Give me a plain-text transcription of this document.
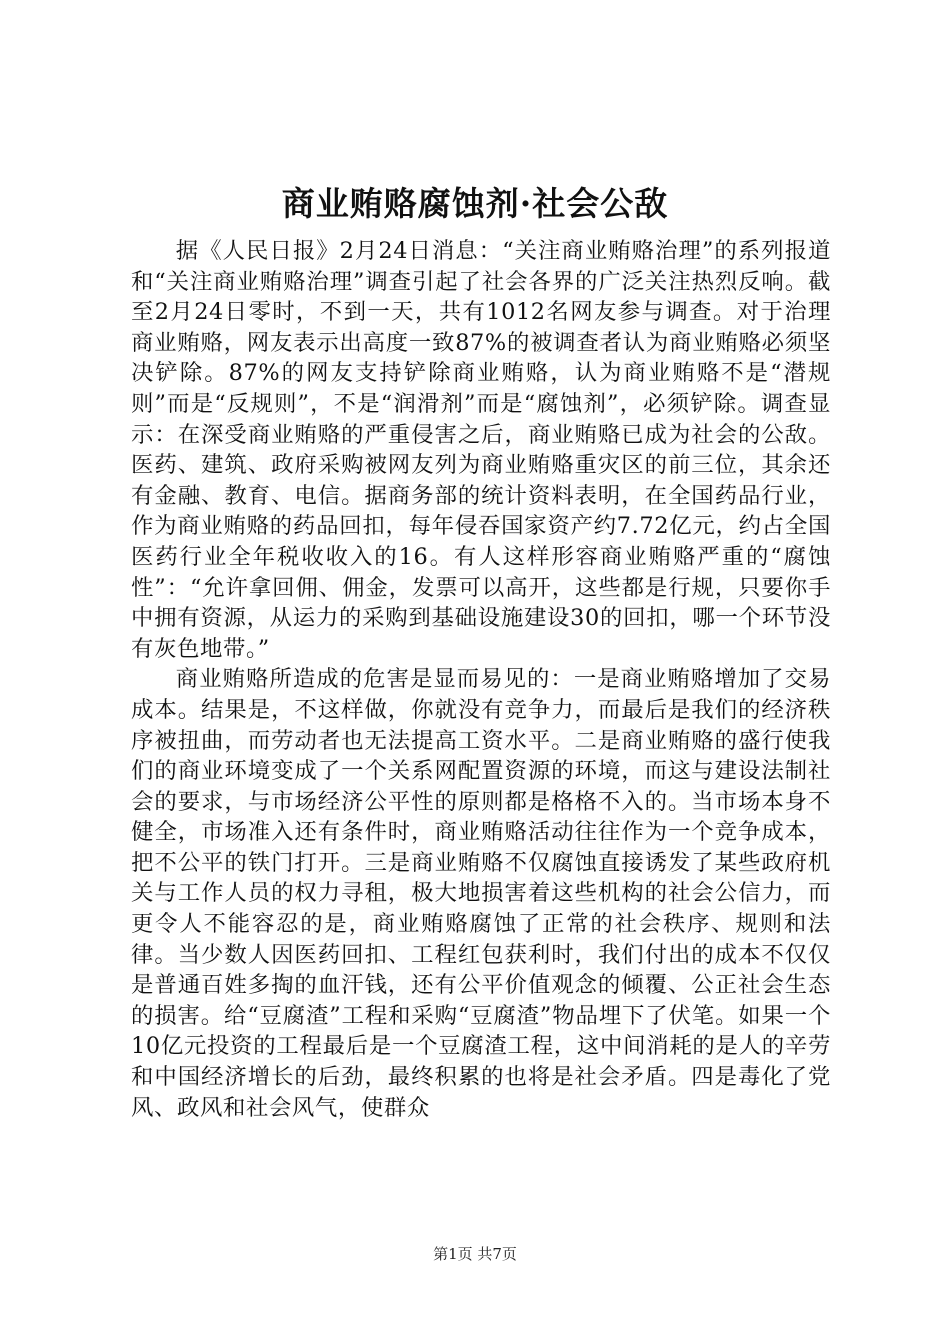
商业贿赂腐蚀剂·社会公敌

据《人民日报》2月24日消息：“关注商业贿赂治理”的系列报道和“关注商业贿赂治理”调查引起了社会各界的广泛关注热烈反响。截至2月24日零时，不到一天，共有1012名网友参与调查。对于治理商业贿赂，网友表示出高度一致87%的被调查者认为商业贿赂必须坚决铲除。87%的网友支持铲除商业贿赂，认为商业贿赂不是“潜规则”而是“反规则”，不是“润滑剂”而是“腐蚀剂”，必须铲除。调查显示：在深受商业贿赂的严重侵害之后，商业贿赂已成为社会的公敌。医药、建筑、政府采购被网友列为商业贿赂重灾区的前三位，其余还有金融、教育、电信。据商务部的统计资料表明，在全国药品行业，作为商业贿赂的药品回扣，每年侵吞国家资产约7.72亿元，约占全国医药行业全年税收收入的16。有人这样形容商业贿赂严重的“腐蚀性”：“允许拿回佣、佣金，发票可以高开，这些都是行规，只要你手中拥有资源，从运力的采购到基础设施建设30的回扣，哪一个环节没有灰色地带。”

商业贿赂所造成的危害是显而易见的：一是商业贿赂增加了交易成本。结果是，不这样做，你就没有竞争力，而最后是我们的经济秩序被扭曲，而劳动者也无法提高工资水平。二是商业贿赂的盛行使我们的商业环境变成了一个关系网配置资源的环境，而这与建设法制社会的要求，与市场经济公平性的原则都是格格不入的。当市场本身不健全，市场准入还有条件时，商业贿赂活动往往作为一个竞争成本，把不公平的铁门打开。三是商业贿赂不仅腐蚀直接诱发了某些政府机关与工作人员的权力寻租，极大地损害着这些机构的社会公信力，而更令人不能容忍的是，商业贿赂腐蚀了正常的社会秩序、规则和法律。当少数人因医药回扣、工程红包获利时，我们付出的成本不仅仅是普通百姓多掏的血汗钱，还有公平价值观念的倾覆、公正社会生态的损害。给“豆腐渣”工程和采购“豆腐渣”物品埋下了伏笔。如果一个10亿元投资的工程最后是一个豆腐渣工程，这中间消耗的是人的辛劳和中国经济增长的后劲，最终积累的也将是社会矛盾。四是毒化了党风、政风和社会风气，使群众

第1页 共7页
